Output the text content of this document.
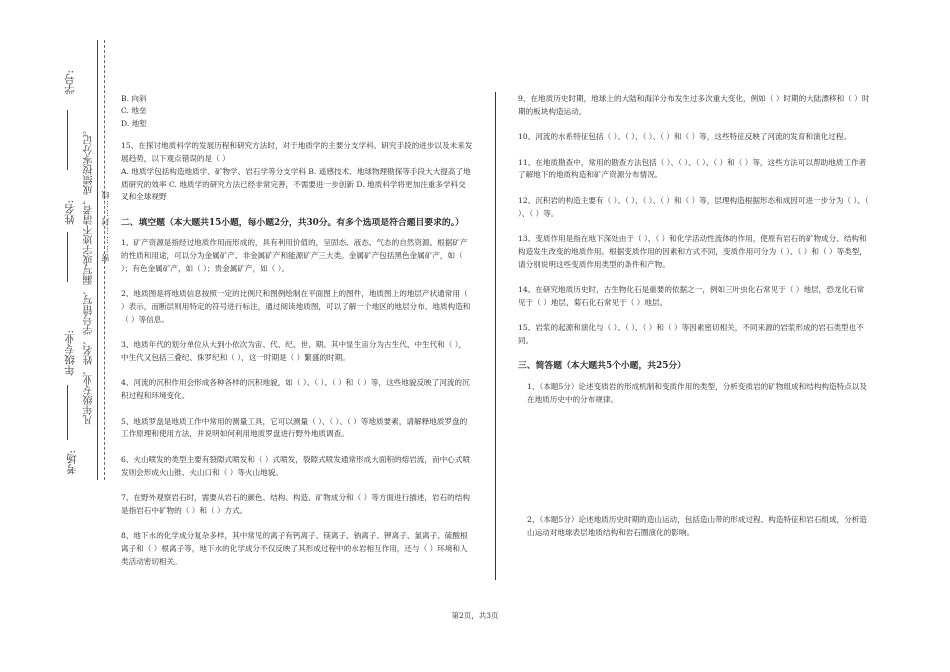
学号:
姓名:
年级专业:
考场:
凡年级专业、姓名、学号错写、漏写或字迹不清者，成绩按零分记。 密………封……线

B. 向斜

C. 地垒

D. 地堑

15、在探讨地质科学的发展历程和研究方法时，对于地质学的主要分支学科、研究手段的进步以及未来发展趋势，以下观点错误的是（ ）

A. 地质学包括构造地质学、矿物学、岩石学等分支学科 B. 遥感技术、地球物理勘探等手段大大提高了地质研究的效率 C. 地质学的研究方法已经非常完善，不需要进一步创新 D. 地质科学将更加注重多学科交叉和全球视野

二、填空题（本大题共15小题，每小题2分，共30分。有多个选项是符合题目要求的。）

1、矿产资源是指经过地质作用而形成的，具有利用价值的，呈固态、液态、气态的自然资源。根据矿产的性质和用途，可以分为金属矿产、非金属矿产和能源矿产三大类。金属矿产包括黑色金属矿产，如（ ）；有色金属矿产，如（ ）；贵金属矿产，如（ ）。

2、地质图是将地质信息按照一定的比例尺和图例绘制在平面图上的图件，地质图上的地层产状通常用（ ）表示，而断层则用特定的符号进行标注，通过阅读地质图，可以了解一个地区的地层分布、地质构造和（ ）等信息。

3、地质年代的划分单位从大到小依次为宙、代、纪、世、期。其中显生宙分为古生代、中生代和（ ），中生代又包括三叠纪、侏罗纪和（ ），这一时期是（ ）繁盛的时期。

4、河流的沉积作用会形成各种各样的沉积地貌，如（ ）、（ ）、（ ）和（ ）等，这些地貌反映了河流的沉积过程和环境变化。

5、地质罗盘是地质工作中常用的测量工具，它可以测量（ ）、（ ）、（ ）等地质要素，请解释地质罗盘的工作原理和使用方法，并说明如何利用地质罗盘进行野外地质调查。

6、火山喷发的类型主要有裂隙式喷发和（ ）式喷发，裂隙式喷发通常形成大面积的熔岩流，而中心式喷发则会形成火山锥、火山口和（ ）等火山地貌。

7、在野外观察岩石时，需要从岩石的颜色、结构、构造、矿物成分和（ ）等方面进行描述，岩石的结构是指岩石中矿物的（ ）和（ ）方式。

8、地下水的化学成分复杂多样，其中常见的离子有钙离子、镁离子、钠离子、钾离子、氯离子、硫酸根离子和（ ）根离子等，地下水的化学成分不仅反映了其形成过程中的水岩相互作用，还与（ ）环境和人类活动密切相关。

9、在地质历史时期，地球上的大陆和海洋分布发生过多次重大变化，例如（ ）时期的大陆漂移和（ ）时期的板块构造运动。

10、河流的水系特征包括（ ）、（ ）、（ ）、（ ）和（ ）等，这些特征反映了河流的发育和演化过程。

11、在地质勘查中，常用的勘查方法包括（ ）、（ ）、（ ）、（ ）和（ ）等，这些方法可以帮助地质工作者了解地下的地质构造和矿产资源分布情况。

12、沉积岩的构造主要有（ ）、（ ）、（ ）、（ ）和（ ）等，层理构造根据形态和成因可进一步分为（ ）、（ ）、（ ）等。

13、变质作用是指在地下深处由于（ ）、（ ）和化学活动性流体的作用，使原有岩石的矿物成分、结构和构造发生改变的地质作用。根据变质作用的因素和方式不同，变质作用可分为（ ）、（ ）和（ ）等类型，请分别说明这些变质作用类型的条件和产物。

14、在研究地质历史时，古生物化石是重要的依据之一，例如三叶虫化石常见于（ ）地层，恐龙化石常见于（ ）地层，菊石化石常见于（ ）地层。

15、岩浆的起源和演化与（ ）、（ ）、（ ）和（ ）等因素密切相关，不同来源的岩浆形成的岩石类型也不同。

三、简答题（本大题共5个小题，共25分）

1、（本题5分）论述变质岩的形成机制和变质作用的类型，分析变质岩的矿物组成和结构构造特点以及在地质历史中的分布规律。

2、（本题5分）论述地质历史时期的造山运动，包括造山带的形成过程、构造特征和岩石组成，分析造山运动对地球表层地质结构和岩石圈演化的影响。

第2页，共3页
